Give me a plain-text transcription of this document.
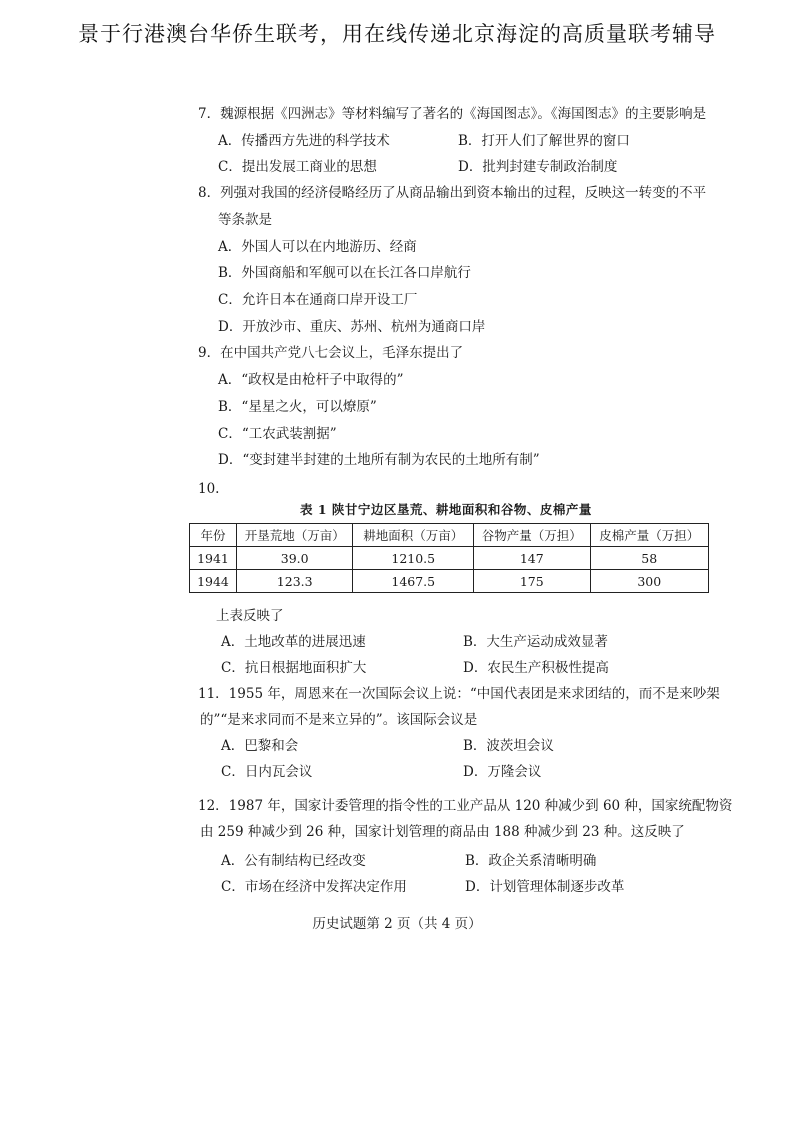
景于行港澳台华侨生联考，用在线传递北京海淀的高质量联考辅导
7．魏源根据《四洲志》等材料编写了著名的《海国图志》。《海国图志》的主要影响是
A．传播西方先进的科学技术	B．打开人们了解世界的窗口
C．提出发展工商业的思想	D．批判封建专制政治制度
8．列强对我国的经济侵略经历了从商品输出到资本输出的过程，反映这一转变的不平
等条款是
A．外国人可以在内地游历、经商
B．外国商船和军舰可以在长江各口岸航行
C．允许日本在通商口岸开设工厂
D．开放沙市、重庆、苏州、杭州为通商口岸
9．在中国共产党八七会议上，毛泽东提出了
A．“政权是由枪杆子中取得的”
B．“星星之火，可以燎原”
C．“工农武装割据”
D．“变封建半封建的土地所有制为农民的土地所有制”
10.
表 1 陕甘宁边区垦荒、耕地面积和谷物、皮棉产量
年份	开垦荒地（万亩）	耕地面积（万亩）	谷物产量（万担）	皮棉产量（万担）
1941	39.0	1210.5	147	58
1944	123.3	1467.5	175	300
上表反映了
A．土地改革的进展迅速	B．大生产运动成效显著
C．抗日根据地面积扩大	D．农民生产积极性提高
11．1955 年，周恩来在一次国际会议上说：“中国代表团是来求团结的，而不是来吵架
的”“是来求同而不是来立异的”。该国际会议是
A．巴黎和会	B．波茨坦会议
C．日内瓦会议	D．万隆会议
12．1987 年，国家计委管理的指令性的工业产品从 120 种减少到 60 种，国家统配物资
由 259 种减少到 26 种，国家计划管理的商品由 188 种减少到 23 种。这反映了
A．公有制结构已经改变	B．政企关系清晰明确
C．市场在经济中发挥决定作用	D．计划管理体制逐步改革
历史试题第 2 页（共 4 页）
